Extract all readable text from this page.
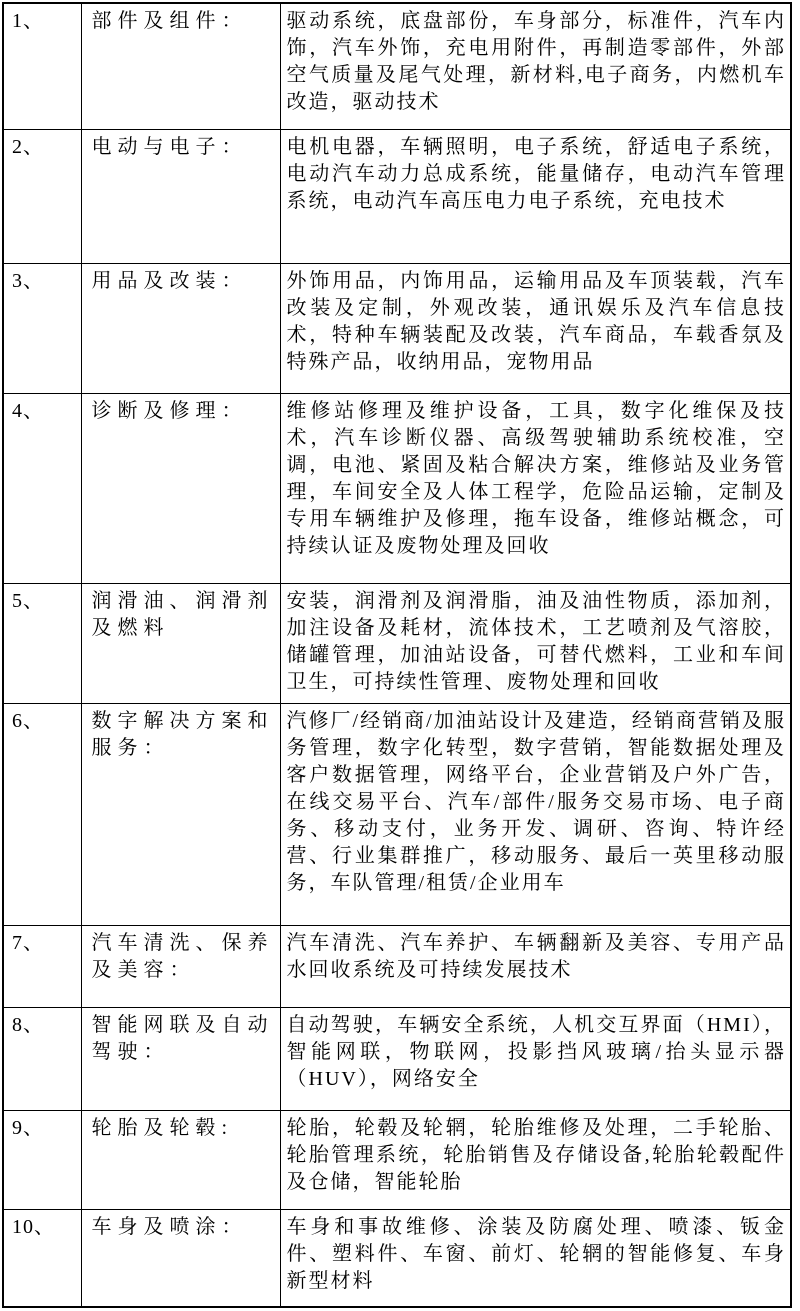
1、	部件及组件：	驱动系统，底盘部份，车身部分，标准件，汽车内饰，汽车外饰，充电用附件，再制造零部件，外部空气质量及尾气处理，新材料,电子商务，内燃机车改造，驱动技术
2、	电动与电子：	电机电器，车辆照明，电子系统，舒适电子系统，电动汽车动力总成系统，能量储存，电动汽车管理系统，电动汽车高压电力电子系统，充电技术
3、	用品及改装：	外饰用品，内饰用品，运输用品及车顶装载，汽车改装及定制，外观改装，通讯娱乐及汽车信息技术，特种车辆装配及改装，汽车商品，车载香氛及特殊产品，收纳用品，宠物用品
4、	诊断及修理：	维修站修理及维护设备，工具，数字化维保及技术，汽车诊断仪器、高级驾驶辅助系统校准，空调，电池、紧固及粘合解决方案，维修站及业务管理，车间安全及人体工程学，危险品运输，定制及专用车辆维护及修理，拖车设备，维修站概念，可持续认证及废物处理及回收
5、	润滑油、润滑剂及燃料	安装，润滑剂及润滑脂，油及油性物质，添加剂，加注设备及耗材，流体技术，工艺喷剂及气溶胶，储罐管理，加油站设备，可替代燃料，工业和车间卫生，可持续性管理、废物处理和回收
6、	数字解决方案和服务：	汽修厂/经销商/加油站设计及建造，经销商营销及服务管理，数字化转型，数字营销，智能数据处理及客户数据管理，网络平台，企业营销及户外广告，在线交易平台、汽车/部件/服务交易市场、电子商务、移动支付，业务开发、调研、咨询、特许经营、行业集群推广，移动服务、最后一英里移动服务，车队管理/租赁/企业用车
7、	汽车清洗、保养及美容：	汽车清洗、汽车养护、车辆翻新及美容、专用产品水回收系统及可持续发展技术
8、	智能网联及自动驾驶：	自动驾驶，车辆安全系统，人机交互界面（HMI），智能网联，物联网，投影挡风玻璃/抬头显示器（HUV），网络安全
9、	轮胎及轮毂:	轮胎，轮毂及轮辋，轮胎维修及处理，二手轮胎、轮胎管理系统，轮胎销售及存储设备,轮胎轮毂配件及仓储，智能轮胎
10、	车身及喷涂：	车身和事故维修、涂装及防腐处理、喷漆、钣金件、塑料件、车窗、前灯、轮辋的智能修复、车身新型材料
